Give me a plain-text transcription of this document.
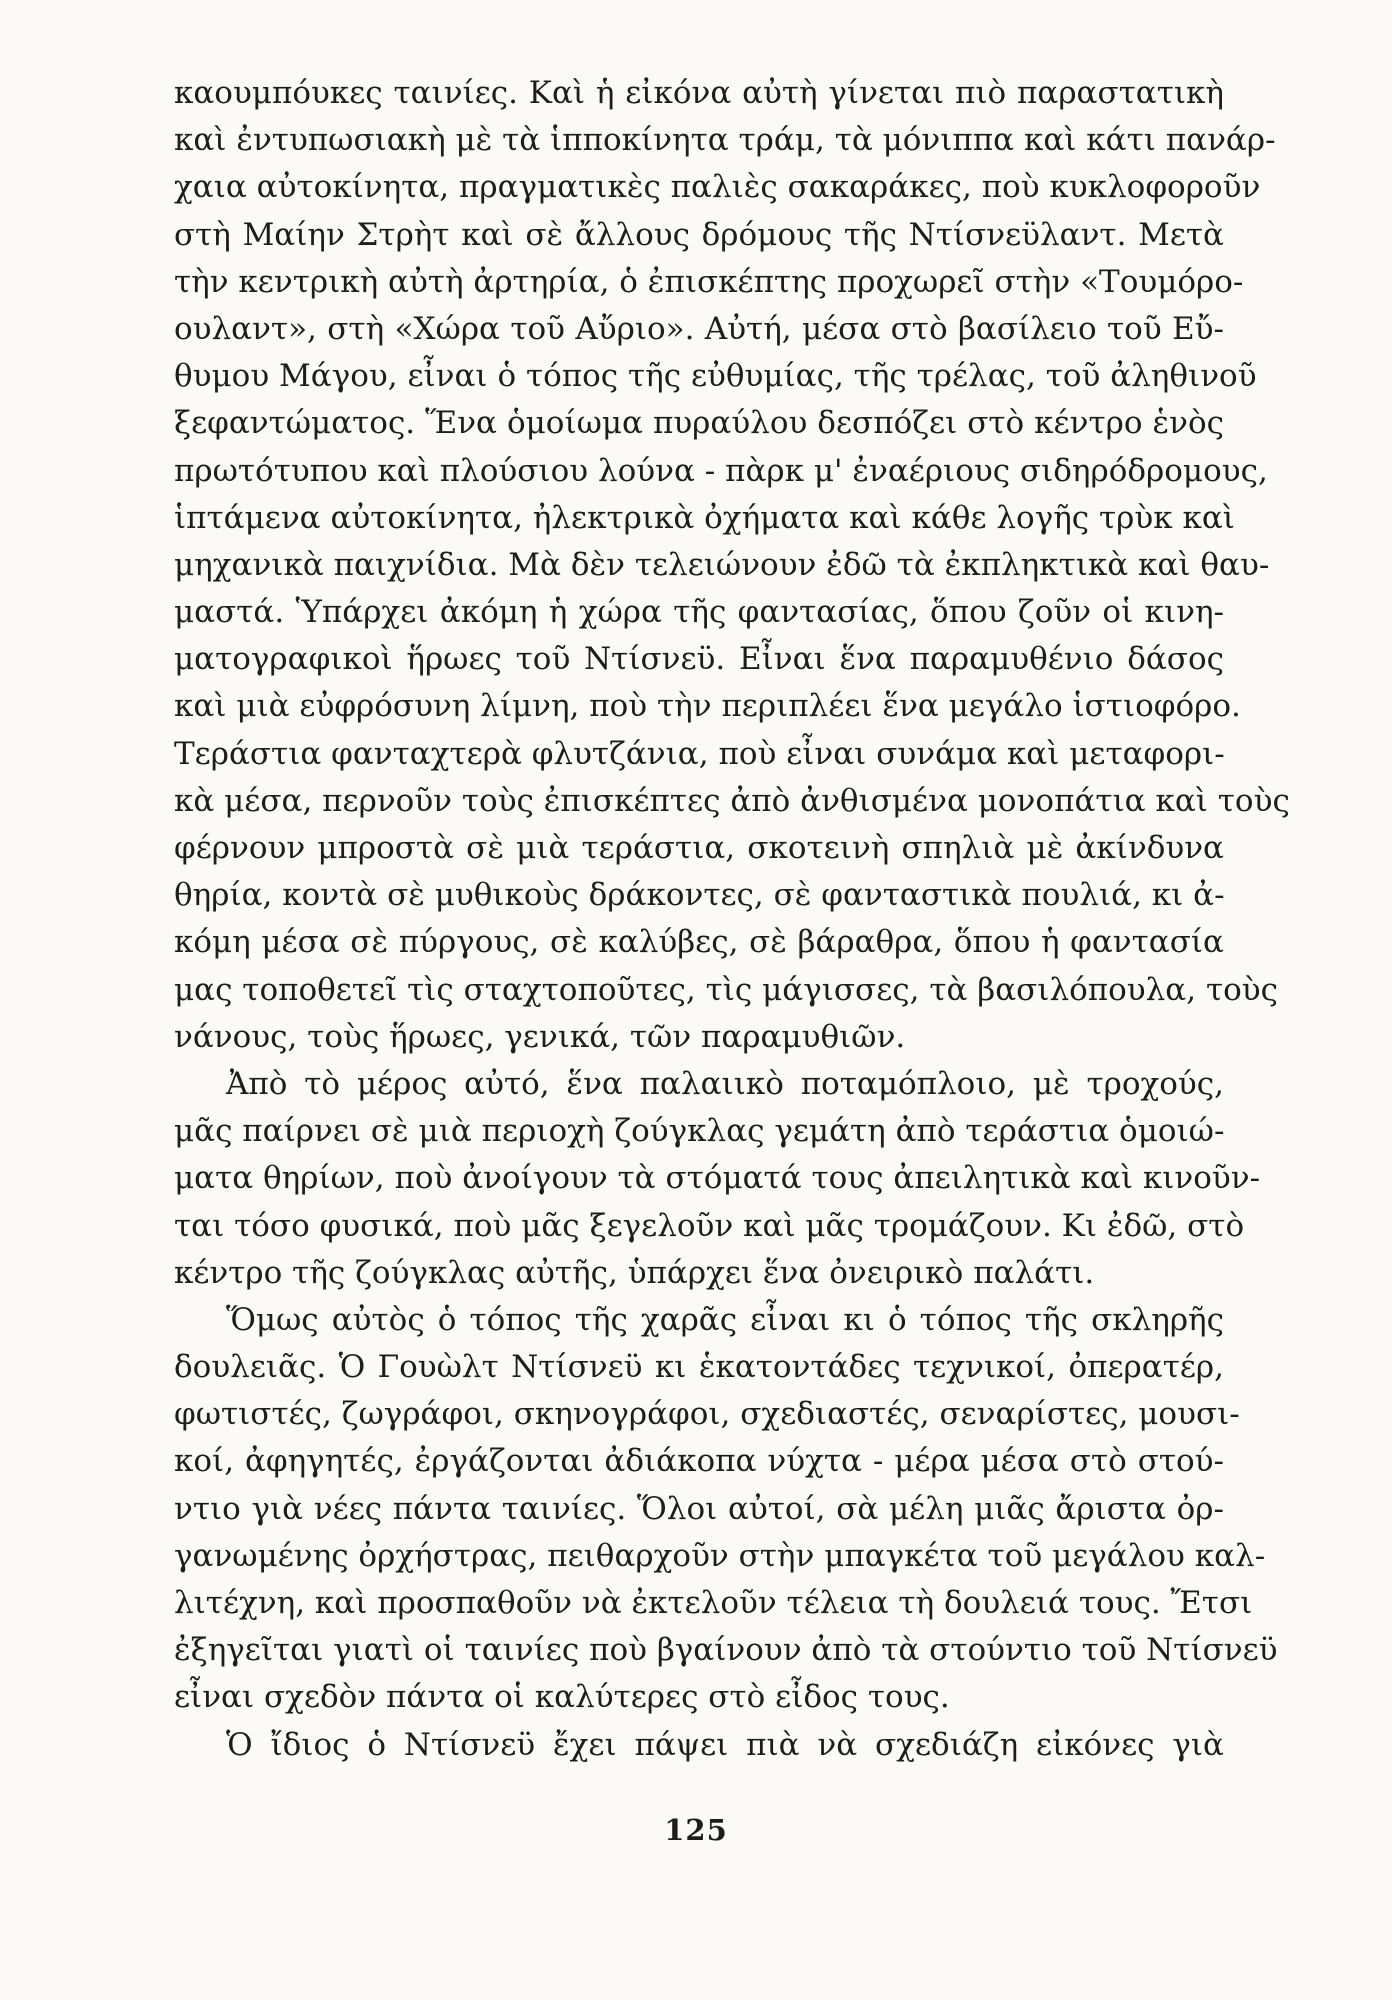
καουμπόυκες ταινίες. Καὶ ἡ εἰκόνα αὐτὴ γίνεται πιὸ παραστατικὴ
καὶ ἐντυπωσιακὴ μὲ τὰ ἱπποκίνητα τράμ, τὰ μόνιππα καὶ κάτι πανάρ-
χαια αὐτοκίνητα, πραγματικὲς παλιὲς σακαράκες, ποὺ κυκλοφοροῦν
στὴ Μαίην Στρὴτ καὶ σὲ ἄλλους δρόμους τῆς Ντίσνεϋλαντ. Μετὰ
τὴν κεντρικὴ αὐτὴ ἀρτηρία, ὁ ἐπισκέπτης προχωρεῖ στὴν «Τουμόρο-
ουλαντ», στὴ «Χώρα τοῦ Αὔριο». Αὐτή, μέσα στὸ βασίλειο τοῦ Εὔ-
θυμου Μάγου, εἶναι ὁ τόπος τῆς εὐθυμίας, τῆς τρέλας, τοῦ ἀληθινοῦ
ξεφαντώματος. Ἕνα ὁμοίωμα πυραύλου δεσπόζει στὸ κέντρο ἑνὸς
πρωτότυπου καὶ πλούσιου λούνα - πὰρκ μ' ἐναέριους σιδηρόδρομους,
ἱπτάμενα αὐτοκίνητα, ἠλεκτρικὰ ὀχήματα καὶ κάθε λογῆς τρὺκ καὶ
μηχανικὰ παιχνίδια. Μὰ δὲν τελειώνουν ἐδῶ τὰ ἐκπληκτικὰ καὶ θαυ-
μαστά. Ὑπάρχει ἀκόμη ἡ χώρα τῆς φαντασίας, ὅπου ζοῦν οἱ κινη-
ματογραφικοὶ ἥρωες τοῦ Ντίσνεϋ. Εἶναι ἕνα παραμυθένιο δάσος
καὶ μιὰ εὐφρόσυνη λίμνη, ποὺ τὴν περιπλέει ἕνα μεγάλο ἱστιοφόρο.
Τεράστια φανταχτερὰ φλυτζάνια, ποὺ εἶναι συνάμα καὶ μεταφορι-
κὰ μέσα, περνοῦν τοὺς ἐπισκέπτες ἀπὸ ἀνθισμένα μονοπάτια καὶ τοὺς
φέρνουν μπροστὰ σὲ μιὰ τεράστια, σκοτεινὴ σπηλιὰ μὲ ἀκίνδυνα
θηρία, κοντὰ σὲ μυθικοὺς δράκοντες, σὲ φανταστικὰ πουλιά, κι ἀ-
κόμη μέσα σὲ πύργους, σὲ καλύβες, σὲ βάραθρα, ὅπου ἡ φαντασία
μας τοποθετεῖ τὶς σταχτοποῦτες, τὶς μάγισσες, τὰ βασιλόπουλα, τοὺς
νάνους, τοὺς ἥρωες, γενικά, τῶν παραμυθιῶν.
Ἀπὸ τὸ μέρος αὐτό, ἕνα παλαιικὸ ποταμόπλοιο, μὲ τροχούς,
μᾶς παίρνει σὲ μιὰ περιοχὴ ζούγκλας γεμάτη ἀπὸ τεράστια ὁμοιώ-
ματα θηρίων, ποὺ ἀνοίγουν τὰ στόματά τους ἀπειλητικὰ καὶ κινοῦν-
ται τόσο φυσικά, ποὺ μᾶς ξεγελοῦν καὶ μᾶς τρομάζουν. Κι ἐδῶ, στὸ
κέντρο τῆς ζούγκλας αὐτῆς, ὑπάρχει ἕνα ὀνειρικὸ παλάτι.
Ὅμως αὐτὸς ὁ τόπος τῆς χαρᾶς εἶναι κι ὁ τόπος τῆς σκληρῆς
δουλειᾶς. Ὁ Γουὼλτ Ντίσνεϋ κι ἑκατοντάδες τεχνικοί, ὀπερατέρ,
φωτιστές, ζωγράφοι, σκηνογράφοι, σχεδιαστές, σεναρίστες, μουσι-
κοί, ἀφηγητές, ἐργάζονται ἀδιάκοπα νύχτα - μέρα μέσα στὸ στού-
ντιο γιὰ νέες πάντα ταινίες. Ὅλοι αὐτοί, σὰ μέλη μιᾶς ἄριστα ὀρ-
γανωμένης ὀρχήστρας, πειθαρχοῦν στὴν μπαγκέτα τοῦ μεγάλου καλ-
λιτέχνη, καὶ προσπαθοῦν νὰ ἐκτελοῦν τέλεια τὴ δουλειά τους. Ἔτσι
ἐξηγεῖται γιατὶ οἱ ταινίες ποὺ βγαίνουν ἀπὸ τὰ στούντιο τοῦ Ντίσνεϋ
εἶναι σχεδὸν πάντα οἱ καλύτερες στὸ εἶδος τους.
Ὁ ἴδιος ὁ Ντίσνεϋ ἔχει πάψει πιὰ νὰ σχεδιάζη εἰκόνες γιὰ
125
